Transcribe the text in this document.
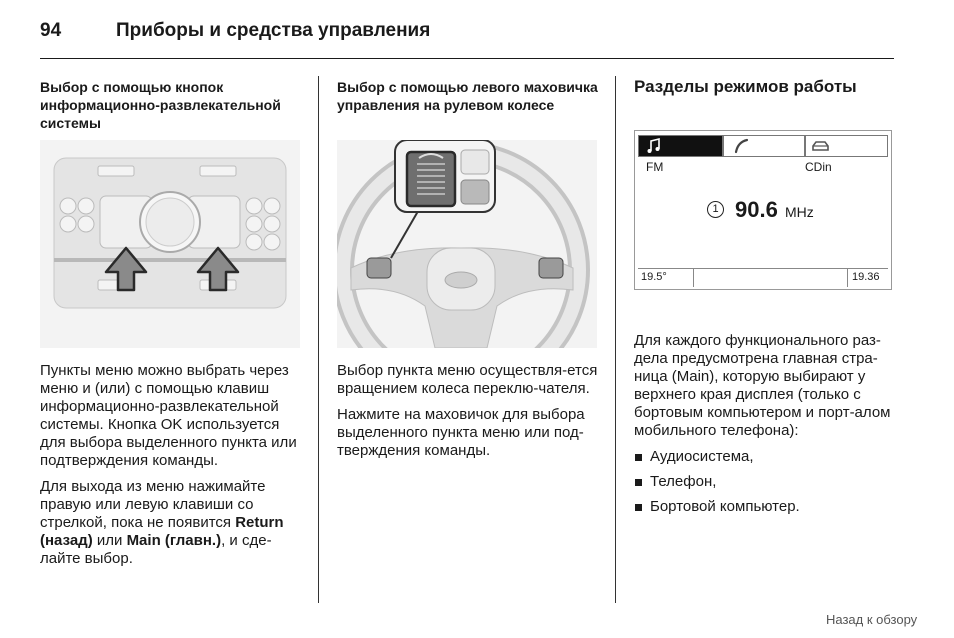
94	Приборы и средства управления
Выбор с помощью кнопок информационно-развлекательной системы

Пункты меню можно выбрать через меню и (или) с помощью клавиш информационно-развлекательной системы. Кнопка OK используется для выбора выделенного пункта или подтверждения команды.

Для выхода из меню нажимайте правую или левую клавиши со стрелкой, пока не появится Return (назад) или Main (главн.), и сде-лайте выбор.

Выбор с помощью левого маховичка управления на рулевом колесе

Выбор пункта меню осуществля-ется вращением колеса переклю-чателя.

Нажмите на маховичок для выбора выделенного пункта меню или под-тверждения команды.

Разделы режимов работы
FM	CDin
1 90.6 MHz
19.5°	19.36

Для каждого функционального раз-дела предусмотрена главная стра-ница (Main), которую выбирают у верхнего края дисплея (только с бортовым компьютером и порт-алом мобильного телефона):

Аудиосистема,
Телефон,
Бортовой компьютер.
Назад к обзору
